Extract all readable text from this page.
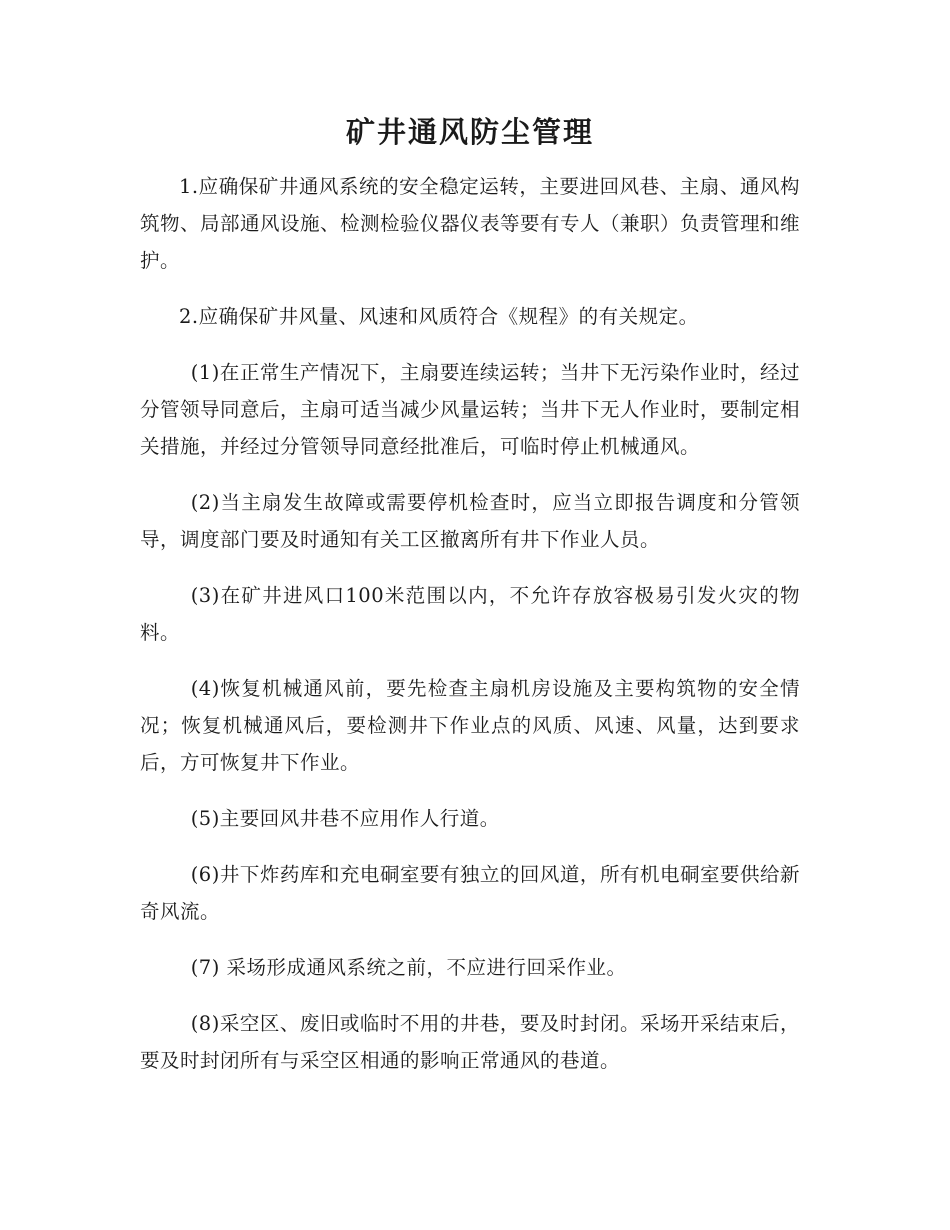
矿井通风防尘管理

1.应确保矿井通风系统的安全稳定运转，主要进回风巷、主扇、通风构筑物、局部通风设施、检测检验仪器仪表等要有专人（兼职）负责管理和维护。

2.应确保矿井风量、风速和风质符合《规程》的有关规定。

(1)在正常生产情况下，主扇要连续运转；当井下无污染作业时，经过分管领导同意后，主扇可适当减少风量运转；当井下无人作业时，要制定相关措施，并经过分管领导同意经批准后，可临时停止机械通风。

(2)当主扇发生故障或需要停机检查时，应当立即报告调度和分管领导，调度部门要及时通知有关工区撤离所有井下作业人员。

(3)在矿井进风口100米范围以内，不允许存放容极易引发火灾的物料。

(4)恢复机械通风前，要先检查主扇机房设施及主要构筑物的安全情况；恢复机械通风后，要检测井下作业点的风质、风速、风量，达到要求后，方可恢复井下作业。

(5)主要回风井巷不应用作人行道。

(6)井下炸药库和充电硐室要有独立的回风道，所有机电硐室要供给新奇风流。

(7) 采场形成通风系统之前，不应进行回采作业。

(8)采空区、废旧或临时不用的井巷，要及时封闭。采场开采结束后，要及时封闭所有与采空区相通的影响正常通风的巷道。
